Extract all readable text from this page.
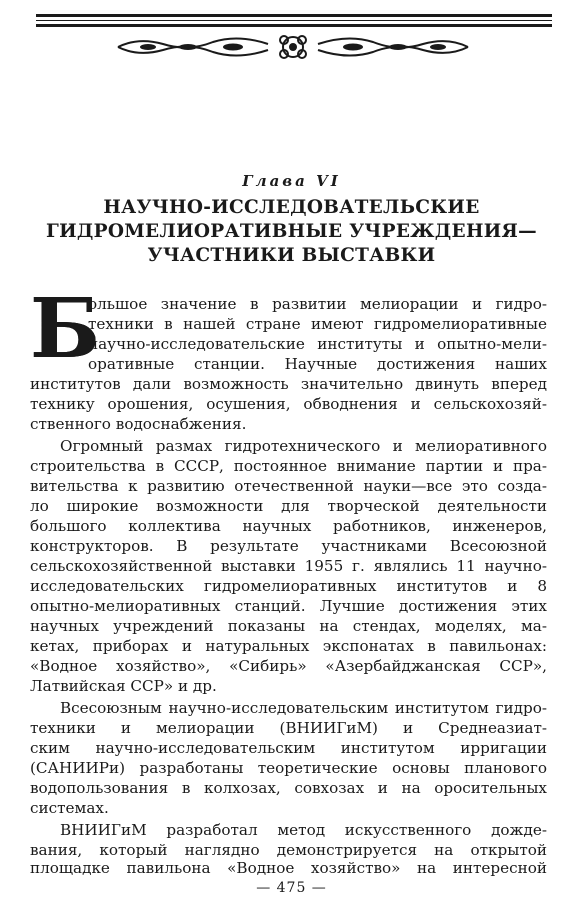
Глава VI
НАУЧНО-ИССЛЕДОВАТЕЛЬСКИЕ
ГИДРОМЕЛИОРАТИВНЫЕ УЧРЕЖДЕНИЯ—
УЧАСТНИКИ ВЫСТАВКИ
Б
ольшое значение в развитии мелиорации и гидро-
техники в нашей стране имеют гидромелиоративные
научно-исследовательские институты и опытно-мели-
оративные станции. Научные достижения наших
институтов дали возможность значительно двинуть вперед
технику орошения, осушения, обводнения и сельскохозяй-
ственного водоснабжения.
Огромный размах гидротехнического и мелиоративного
строительства в СССР, постоянное внимание партии и пра-
вительства к развитию отечественной науки—все это созда-
ло широкие возможности для творческой деятельности
большого коллектива научных работников, инженеров,
конструкторов. В результате участниками Всесоюзной
сельскохозяйственной выставки 1955 г. являлись 11 научно-
исследовательских гидромелиоративных институтов и 8
опытно-мелиоративных станций. Лучшие достижения этих
научных учреждений показаны на стендах, моделях, ма-
кетах, приборах и натуральных экспонатах в павильонах:
«Водное хозяйство», «Сибирь» «Азербайджанская ССР»,
Латвийская ССР» и др.
Всесоюзным научно-исследовательским институтом гидро-
техники и мелиорации (ВНИИГиМ) и Среднеазиат-
ским научно-исследовательским институтом ирригации
(САНИИРи) разработаны теоретические основы планового
водопользования в колхозах, совхозах и на оросительных
системах.
ВНИИГиМ разработал метод искусственного дожде-
вания, который наглядно демонстрируется на открытой
площадке павильона «Водное хозяйство» на интересной
— 475 —
